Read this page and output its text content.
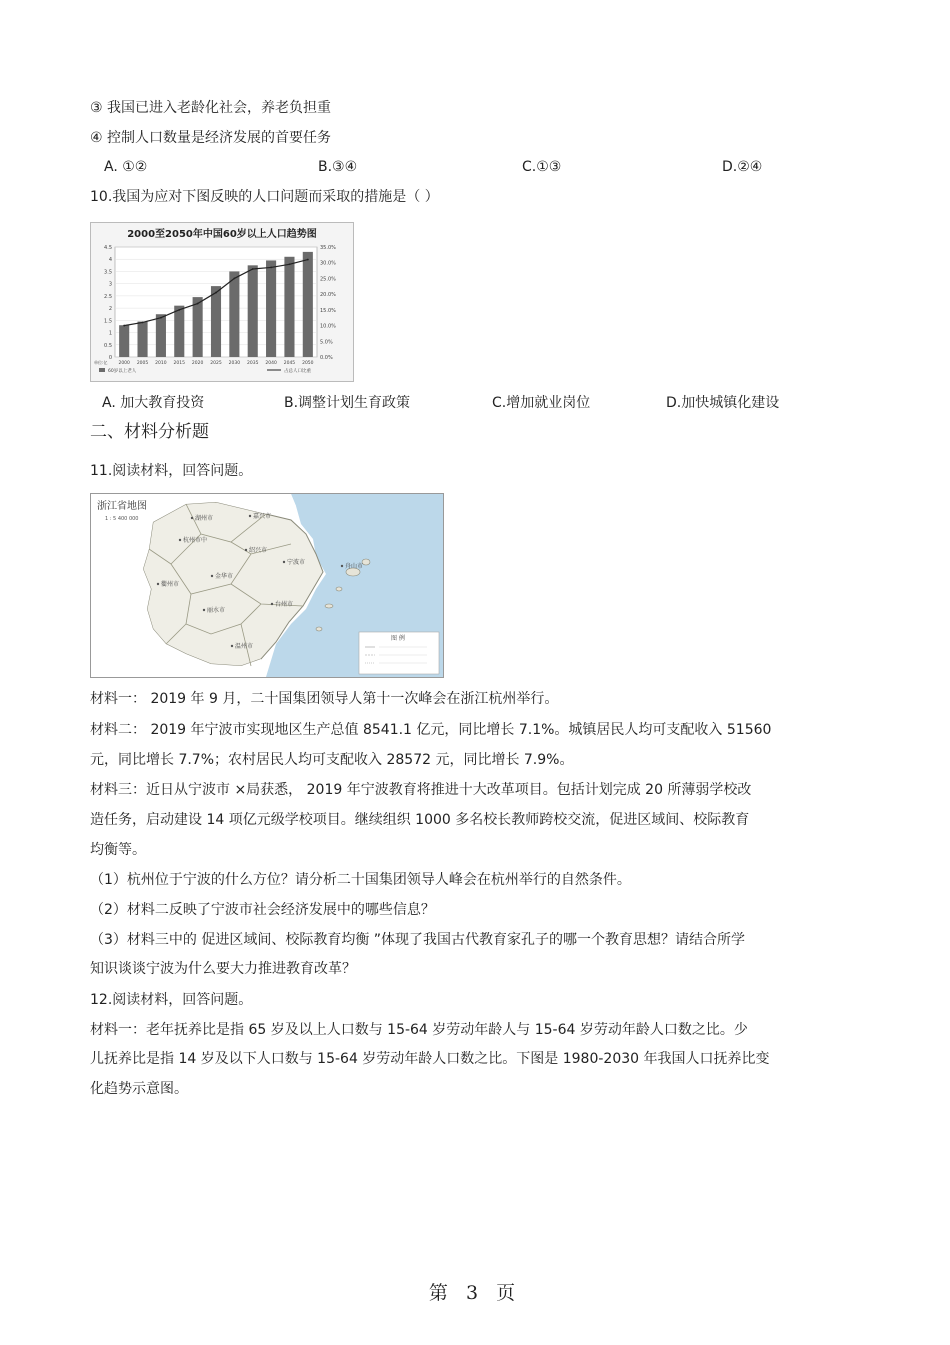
③ 我国已进入老龄化社会，养老负担重
④ 控制人口数量是经济发展的首要任务
A. ①②	B.③④	C.①③	D.②④
10.我国为应对下图反映的人口问题而采取的措施是（ ）
2000至2050年中国60岁以上人口趋势图
0
0.5
1
1.5
2
2.5
3
3.5
4
4.5
0.0%
5.0%
10.0%
15.0%
20.0%
25.0%
30.0%
35.0%
2000 2005 2010 2015 2020 2025 2030 2035 2040 2045 2050
单位:亿
60岁以上老人	占总人口比重
A. 加大教育投资	B.调整计划生育政策	C.增加就业岗位	D.加快城镇化建设
二、材料分析题
11.阅读材料，回答问题。
浙江省地图
1 : 5 400 000	湖州市	嘉兴市
杭州市中
绍兴市
宁波市
舟山市
金华市
台州市
衢州市
丽水市
温州市
图 例
材料一： 2019 年 9 月，二十国集团领导人第十一次峰会在浙江杭州举行。
材料二： 2019 年宁波市实现地区生产总值 8541.1 亿元，同比增长 7.1%。城镇居民人均可支配收入 51560
元，同比增长 7.7%；农村居民人均可支配收入 28572 元，同比增长 7.9%。
材料三：近日从宁波市 ×局获悉， 2019 年宁波教育将推进十大改革项目。包括计划完成 20 所薄弱学校改
造任务，启动建设 14 项亿元级学校项目。继续组织 1000 多名校长教师跨校交流，促进区域间、校际教育
均衡等。
（1）杭州位于宁波的什么方位？请分析二十国集团领导人峰会在杭州举行的自然条件。
（2）材料二反映了宁波市社会经济发展中的哪些信息？
（3）材料三中的 促进区域间、校际教育均衡 ”体现了我国古代教育家孔子的哪一个教育思想？请结合所学
知识谈谈宁波为什么要大力推进教育改革？
12.阅读材料，回答问题。
材料一：老年抚养比是指 65 岁及以上人口数与 15-64 岁劳动年龄人与 15-64 岁劳动年龄人口数之比。少
儿抚养比是指 14 岁及以下人口数与 15-64 岁劳动年龄人口数之比。下图是 1980-2030 年我国人口抚养比变
化趋势示意图。
第 3 页
